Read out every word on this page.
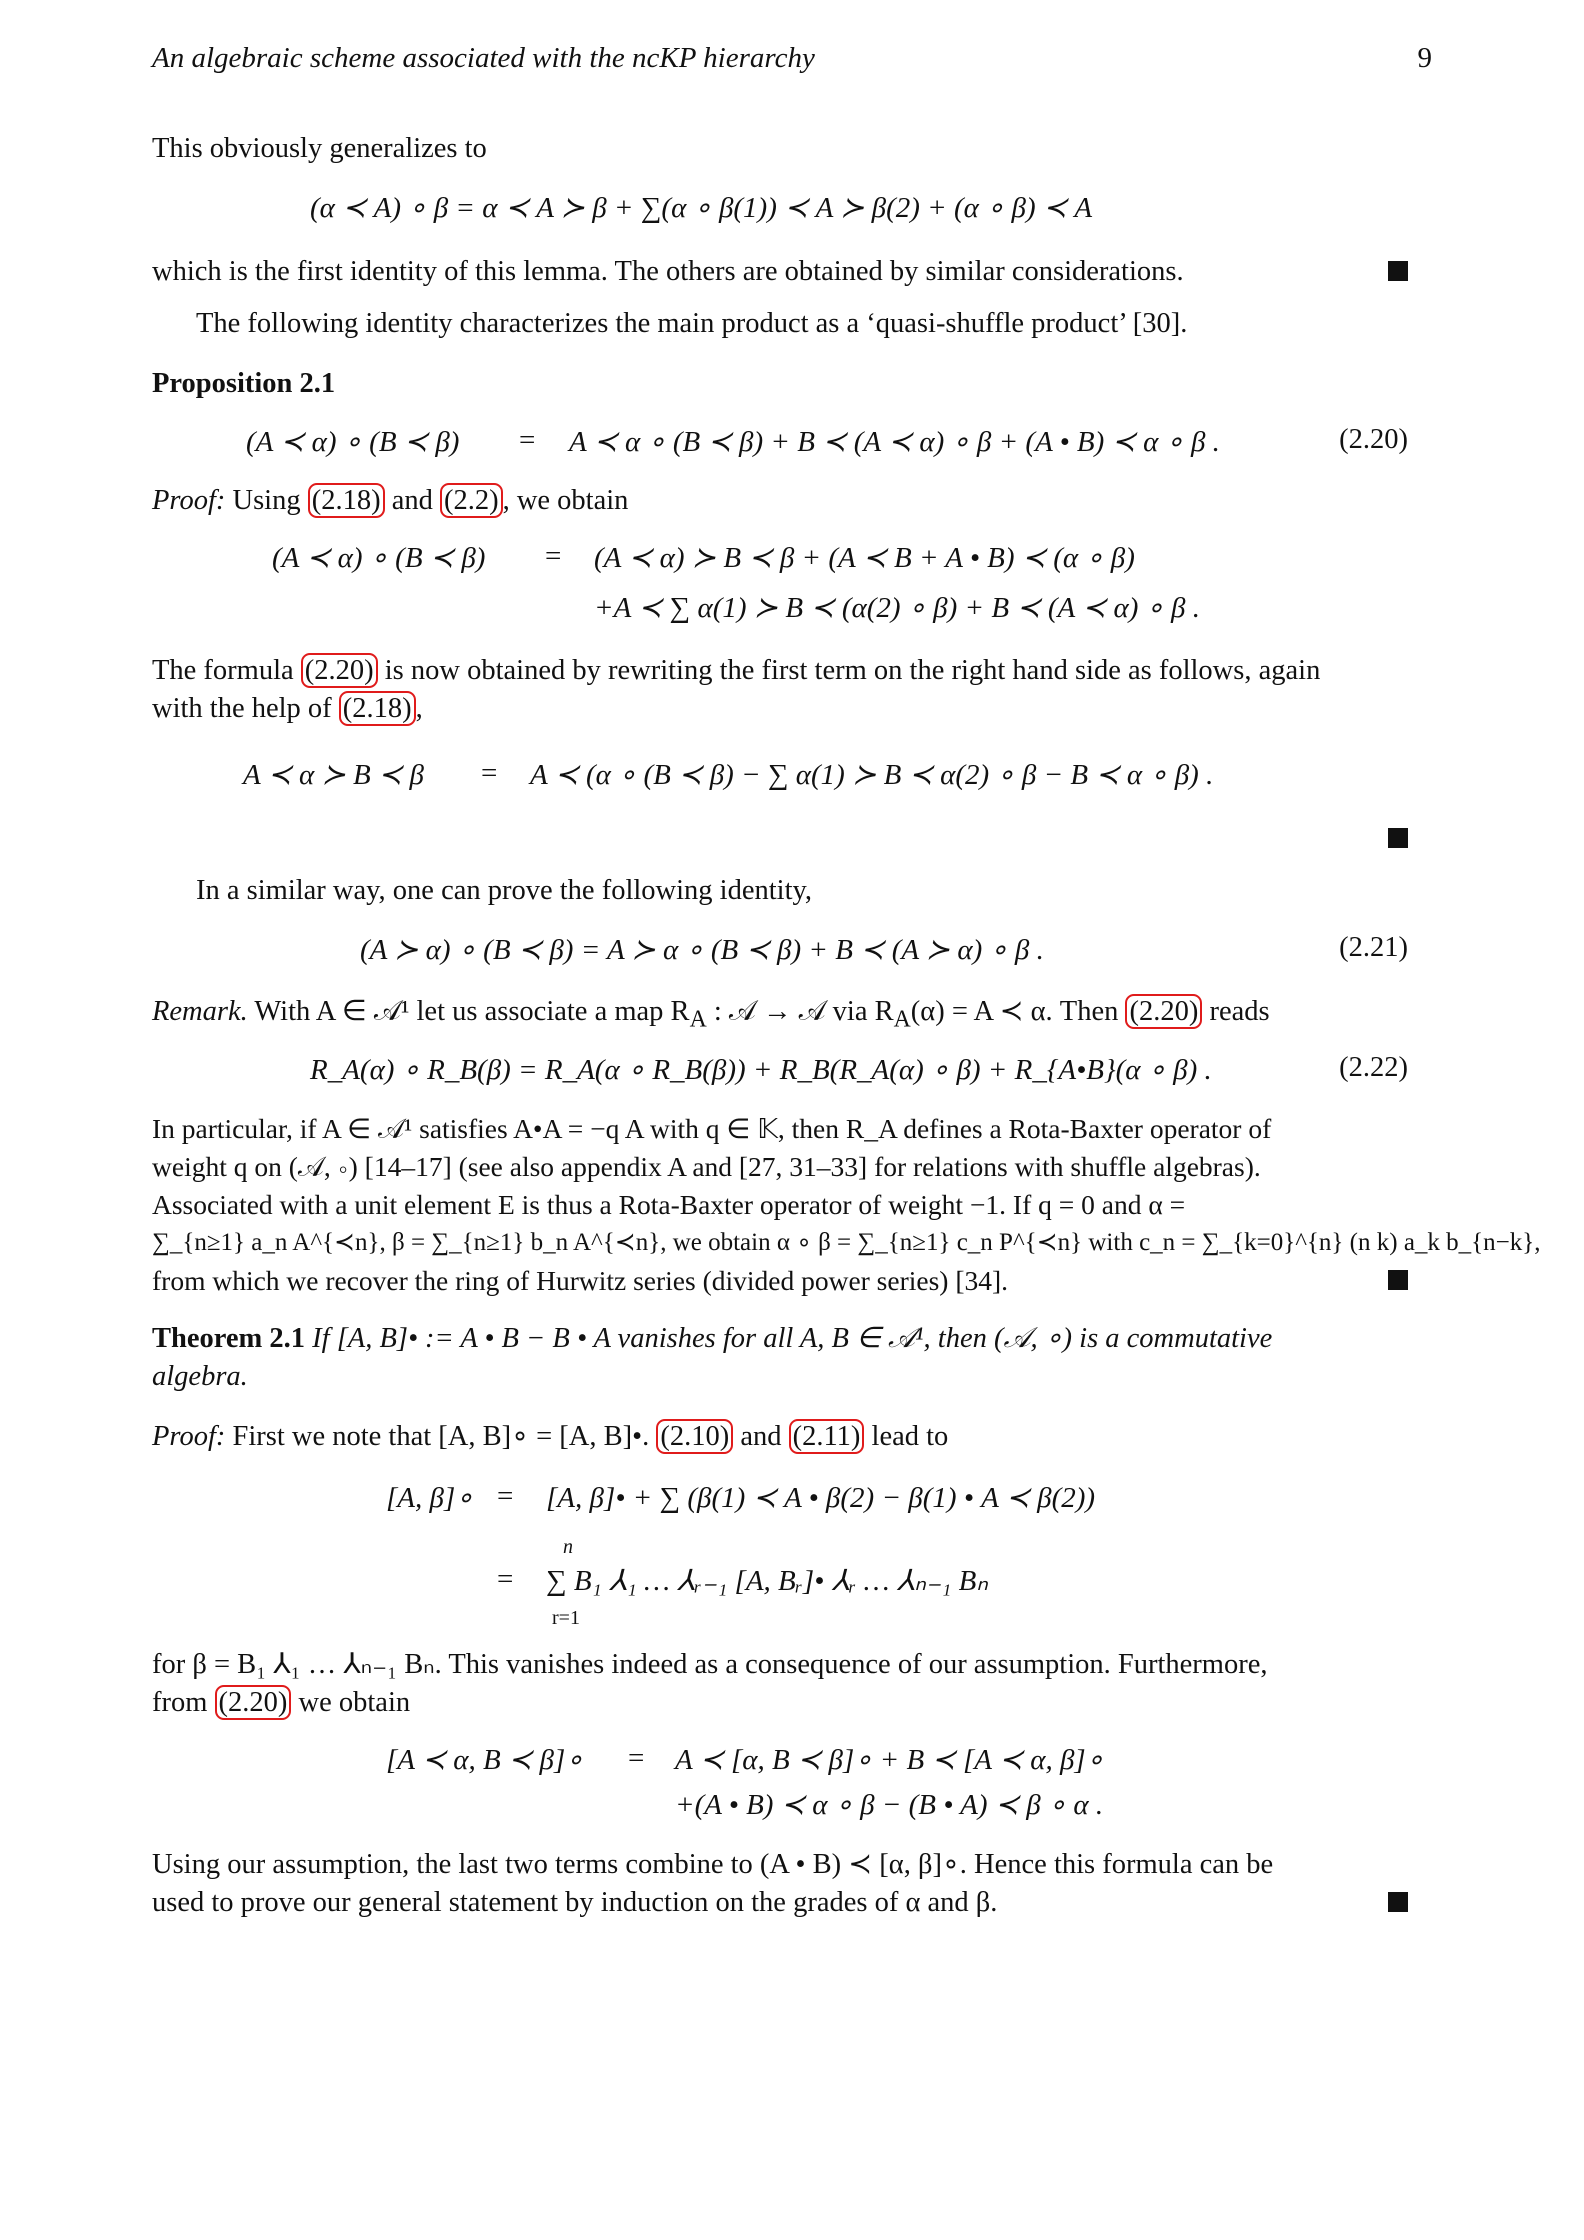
An algebraic scheme associated with the ncKP hierarchy	9
This obviously generalizes to
(α ≺ A) ∘ β = α ≺ A ≻ β + ∑(α ∘ β(1)) ≺ A ≻ β(2) + (α ∘ β) ≺ A
which is the first identity of this lemma. The others are obtained by similar considerations.
The following identity characterizes the main product as a ‘quasi-shuffle product’ [30].
Proposition 2.1
(A ≺ α) ∘ (B ≺ β) = A ≺ α ∘ (B ≺ β) + B ≺ (A ≺ α) ∘ β + (A • B) ≺ α ∘ β .	(2.20)
Proof: Using (2.18) and (2.2) , we obtain
(A ≺ α) ∘ (B ≺ β) = (A ≺ α) ≻ B ≺ β + (A ≺ B + A • B) ≺ (α ∘ β)
+A ≺ ∑ α(1) ≻ B ≺ (α(2) ∘ β) + B ≺ (A ≺ α) ∘ β .
The formula (2.20) is now obtained by rewriting the first term on the right hand side as follows, again
with the help of (2.18) ,
A ≺ α ≻ B ≺ β = A ≺ (α ∘ (B ≺ β) − ∑ α(1) ≻ B ≺ α(2) ∘ β − B ≺ α ∘ β) .
In a similar way, one can prove the following identity,
(A ≻ α) ∘ (B ≺ β) = A ≻ α ∘ (B ≺ β) + B ≺ (A ≻ α) ∘ β .	(2.21)
Remark. With A ∈ 𝒜¹ let us associate a map $R_A$ : 𝒜 → 𝒜 via $R_A(\alpha) = A$ ≺ α. Then (2.20) reads
R_A(α) ∘ R_B(β) = R_A(α ∘ R_B(β)) + R_B(R_A(α) ∘ β) + R_{A•B}(α ∘ β) .	(2.22)
In particular, if A ∈ 𝒜¹ satisfies A•A = −q A with q ∈ 𝕂, then R_A defines a Rota-Baxter operator of
weight q on (𝒜, ∘) [14–17] (see also appendix A and [27, 31–33] for relations with shuffle algebras).
Associated with a unit element E is thus a Rota-Baxter operator of weight −1. If q = 0 and α =
∑_{n≥1} a_n A^{≺n}, β = ∑_{n≥1} b_n A^{≺n}, we obtain α ∘ β = ∑_{n≥1} c_n P^{≺n} with c_n = ∑_{k=0}^{n} (n k) a_k b_{n−k},
from which we recover the ring of Hurwitz series (divided power series) [34].
Theorem 2.1 If [A, B]• := A • B − B • A vanishes for all A, B ∈ 𝒜¹, then (𝒜, ∘) is a commutative
algebra.
Proof: First we note that [A, B]∘ = [A, B]•. (2.10) and (2.11) lead to
[A, β]∘ = [A, β]• + ∑ (β(1) ≺ A • β(2) − β(1) • A ≺ β(2))
n
= ∑ B₁ ⅄₁ … ⅄ᵣ₋₁ [A, Bᵣ]• ⅄ᵣ … ⅄ₙ₋₁ Bₙ
r=1
for β = B₁ ⅄₁ … ⅄ₙ₋₁ Bₙ. This vanishes indeed as a consequence of our assumption. Furthermore,
from (2.20) we obtain
[A ≺ α, B ≺ β]∘ = A ≺ [α, B ≺ β]∘ + B ≺ [A ≺ α, β]∘
+(A • B) ≺ α ∘ β − (B • A) ≺ β ∘ α .
Using our assumption, the last two terms combine to (A • B) ≺ [α, β]∘. Hence this formula can be
used to prove our general statement by induction on the grades of α and β.
